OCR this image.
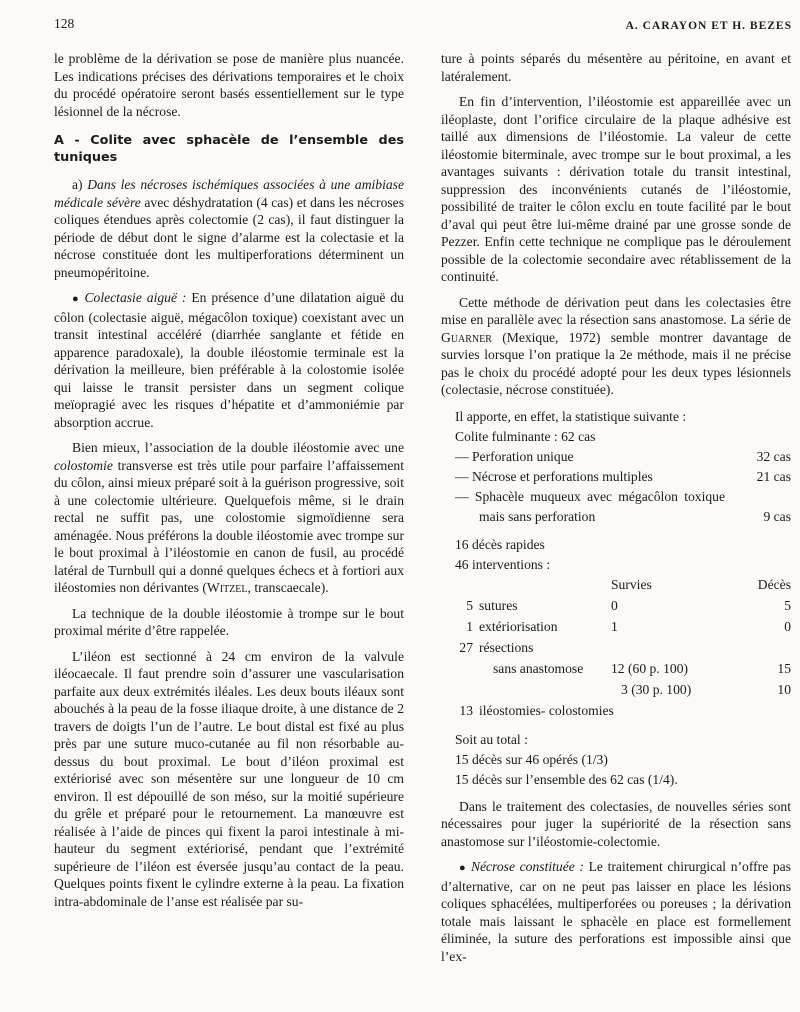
128	A. CARAYON ET H. BEZES

le problème de la dérivation se pose de manière plus nuancée. Les indications précises des dérivations temporaires et le choix du procédé opératoire seront basés essentiellement sur le type lésionnel de la nécrose.

A - Colite avec sphacèle de l’ensemble des tuniques

a) Dans les nécroses ischémiques associées à une amibiase médicale sévère avec déshydratation (4 cas) et dans les nécroses coliques étendues après colectomie (2 cas), il faut distinguer la période de début dont le signe d’alarme est la colectasie et la nécrose constituée dont les multiperforations déterminent un pneumopéritoine.

● Colectasie aiguë : En présence d’une dilatation aiguë du côlon (colectasie aiguë, mégacôlon toxique) coexistant avec un transit intestinal accéléré (diarrhée sanglante et fétide en apparence paradoxale), la double iléostomie terminale est la dérivation la meilleure, bien préférable à la colostomie isolée qui laisse le transit persister dans un segment colique meïopragié avec les risques d’hépatite et d’ammoniémie par absorption accrue.

Bien mieux, l’association de la double iléostomie avec une colostomie transverse est très utile pour parfaire l’affaissement du côlon, ainsi mieux préparé soit à la guérison progressive, soit à une colectomie ultérieure. Quelquefois même, si le drain rectal ne suffit pas, une colostomie sigmoïdienne sera aménagée. Nous préférons la double iléostomie avec trompe sur le bout proximal à l’iléostomie en canon de fusil, au procédé latéral de Turnbull qui a donné quelques échecs et à fortiori aux iléostomies non dérivantes (Witzel, transcaecale).

La technique de la double iléostomie à trompe sur le bout proximal mérite d’être rappelée.

L’iléon est sectionné à 24 cm environ de la valvule iléocaecale. Il faut prendre soin d’assurer une vascularisation parfaite aux deux extrémités iléales. Les deux bouts iléaux sont abouchés à la peau de la fosse iliaque droite, à une distance de 2 travers de doigts l’un de l’autre. Le bout distal est fixé au plus près par une suture muco-cutanée au fil non résorbable au-dessus du bout proximal. Le bout d’iléon proximal est extériorisé avec son mésentère sur une longueur de 10 cm environ. Il est dépouillé de son méso, sur la moitié supérieure du grêle et préparé pour le retournement. La manœuvre est réalisée à l’aide de pinces qui fixent la paroi intestinale à mi-hauteur du segment extériorisé, pendant que l’extrémité supérieure de l’iléon est éversée jusqu’au contact de la peau. Quelques points fixent le cylindre externe à la peau. La fixation intra-abdominale de l’anse est réalisée par su-

ture à points séparés du mésentère au péritoine, en avant et latéralement.

En fin d’intervention, l’iléostomie est appareillée avec un iléoplaste, dont l’orifice circulaire de la plaque adhésive est taillé aux dimensions de l’iléostomie. La valeur de cette iléostomie biterminale, avec trompe sur le bout proximal, a les avantages suivants : dérivation totale du transit intestinal, suppression des inconvénients cutanés de l’iléostomie, possibilité de traiter le côlon exclu en toute facilité par le bout d’aval qui peut être lui-même drainé par une grosse sonde de Pezzer. Enfin cette technique ne complique pas le déroulement possible de la colectomie secondaire avec rétablissement de la continuité.

Cette méthode de dérivation peut dans les colectasies être mise en parallèle avec la résection sans anastomose. La série de Guarner (Mexique, 1972) semble montrer davantage de survies lorsque l’on pratique la 2e méthode, mais il ne précise pas le choix du procédé adopté pour les deux types lésionnels (colectasie, nécrose constituée).

Il apporte, en effet, la statistique suivante :
Colite fulminante : 62 cas
— Perforation unique	32 cas
— Nécrose et perforations multiples	21 cas
— Sphacèle muqueux avec mégacôlon toxique mais sans perforation	9 cas
16 décès rapides
46 interventions :
		Survies	Décès
5	sutures	0	5
1	extériorisation	1	0
27	résections		
	sans anastomose	12 (60 p. 100)	15
		3 (30 p. 100)	10
13	iléostomies- colostomies		
Soit au total :
15 décès sur 46 opérés (1/3)
15 décès sur l’ensemble des 62 cas (1/4).

Dans le traitement des colectasies, de nouvelles séries sont nécessaires pour juger la supériorité de la résection sans anastomose sur l’iléostomie-colectomie.

● Nécrose constituée : Le traitement chirurgical n’offre pas d’alternative, car on ne peut pas laisser en place les lésions coliques sphacélées, multiperforées ou poreuses ; la dérivation totale mais laissant le sphacèle en place est formellement éliminée, la suture des perforations est impossible ainsi que l’ex-
